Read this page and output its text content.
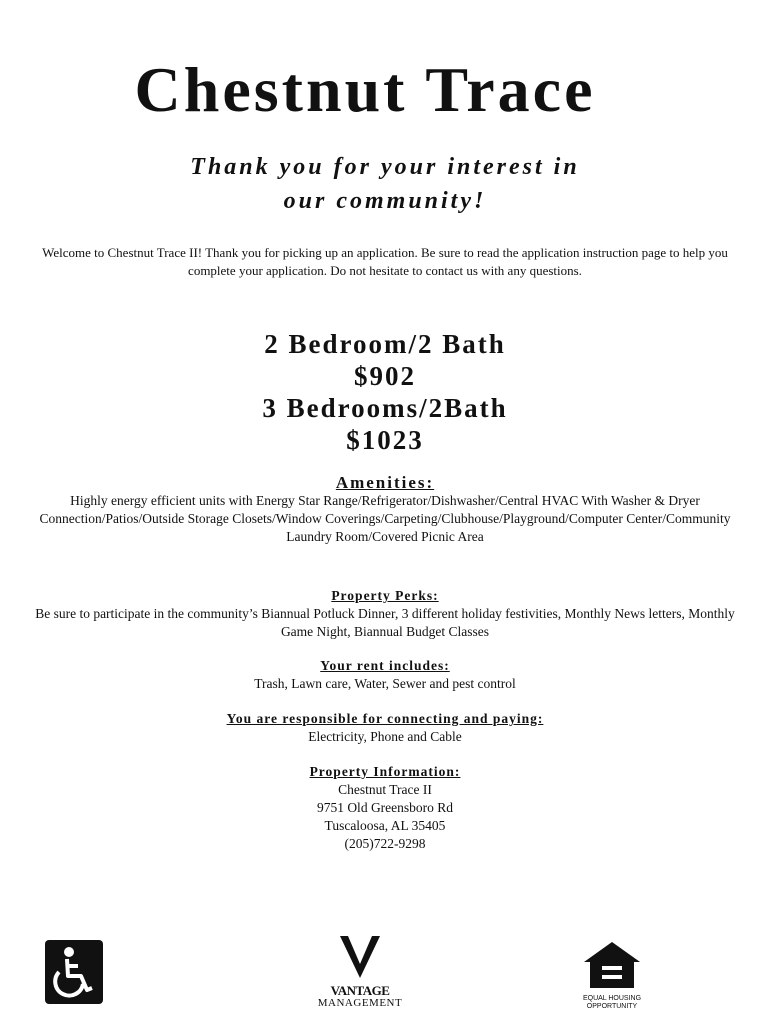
Chestnut Trace
Thank you for your interest in
our community!
Welcome to Chestnut Trace II! Thank you for picking up an application. Be sure to read the application instruction page to help you complete your application. Do not hesitate to contact us with any questions.
2 Bedroom/2 Bath
$902
3 Bedrooms/2Bath
$1023
Amenities:
Highly energy efficient units with Energy Star Range/Refrigerator/Dishwasher/Central HVAC With Washer & Dryer Connection/Patios/Outside Storage Closets/Window Coverings/Carpeting/Clubhouse/Playground/Computer Center/Community Laundry Room/Covered Picnic Area
Property Perks:
Be sure to participate in the community’s Biannual Potluck Dinner, 3 different holiday festivities, Monthly News letters, Monthly Game Night, Biannual Budget Classes
Your rent includes:
Trash, Lawn care, Water, Sewer and pest control
You are responsible for connecting and paying:
Electricity, Phone and Cable
Property Information:
Chestnut Trace II
9751 Old Greensboro Rd
Tuscaloosa, AL 35405
(205)722-9298
VANTAGE
MANAGEMENT	EQUAL HOUSING
OPPORTUNITY
